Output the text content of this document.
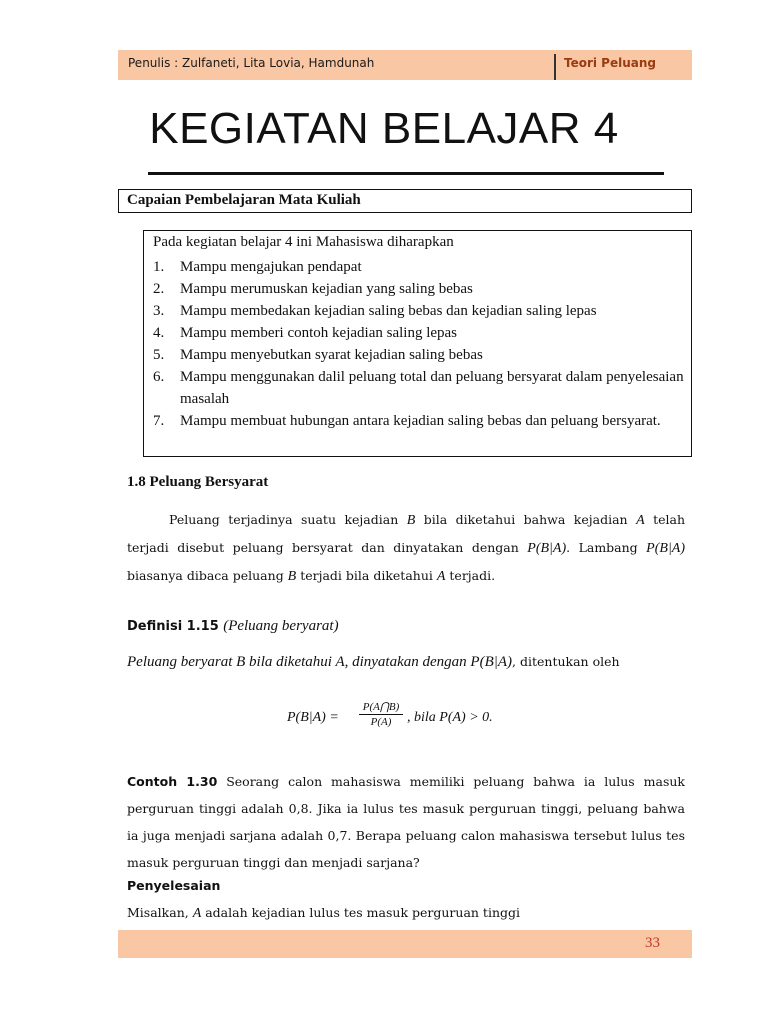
Penulis : Zulfaneti, Lita Lovia, Hamdunah	Teori Peluang
KEGIATAN BELAJAR 4
Capaian Pembelajaran Mata Kuliah
Pada kegiatan belajar 4 ini Mahasiswa diharapkan
1.	Mampu mengajukan pendapat
2.	Mampu merumuskan kejadian yang saling bebas
3.	Mampu membedakan kejadian saling bebas dan kejadian saling lepas
4.	Mampu memberi contoh kejadian saling lepas
5.	Mampu menyebutkan syarat kejadian saling bebas
6.	Mampu menggunakan dalil peluang total dan peluang bersyarat dalam penyelesaian masalah
7.	Mampu membuat hubungan antara kejadian saling bebas dan peluang bersyarat.
1.8 Peluang Bersyarat
Peluang terjadinya suatu kejadian B bila diketahui bahwa kejadian A telah terjadi disebut peluang bersyarat dan dinyatakan dengan P(B|A). Lambang P(B|A) biasanya dibaca peluang B terjadi bila diketahui A terjadi.
Definisi 1.15 (Peluang beryarat)
Peluang beryarat B bila diketahui A, dinyatakan dengan P(B|A), ditentukan oleh
$P(B|A) = \frac{P(A⋂B)}{P(A)}$ , bila P(A) > 0.
Contoh 1.30 Seorang calon mahasiswa memiliki peluang bahwa ia lulus masuk perguruan tinggi adalah 0,8. Jika ia lulus tes masuk perguruan tinggi, peluang bahwa ia juga menjadi sarjana adalah 0,7. Berapa peluang calon mahasiswa tersebut lulus tes masuk perguruan tinggi dan menjadi sarjana?
Penyelesaian
Misalkan, A adalah kejadian lulus tes masuk perguruan tinggi
33
